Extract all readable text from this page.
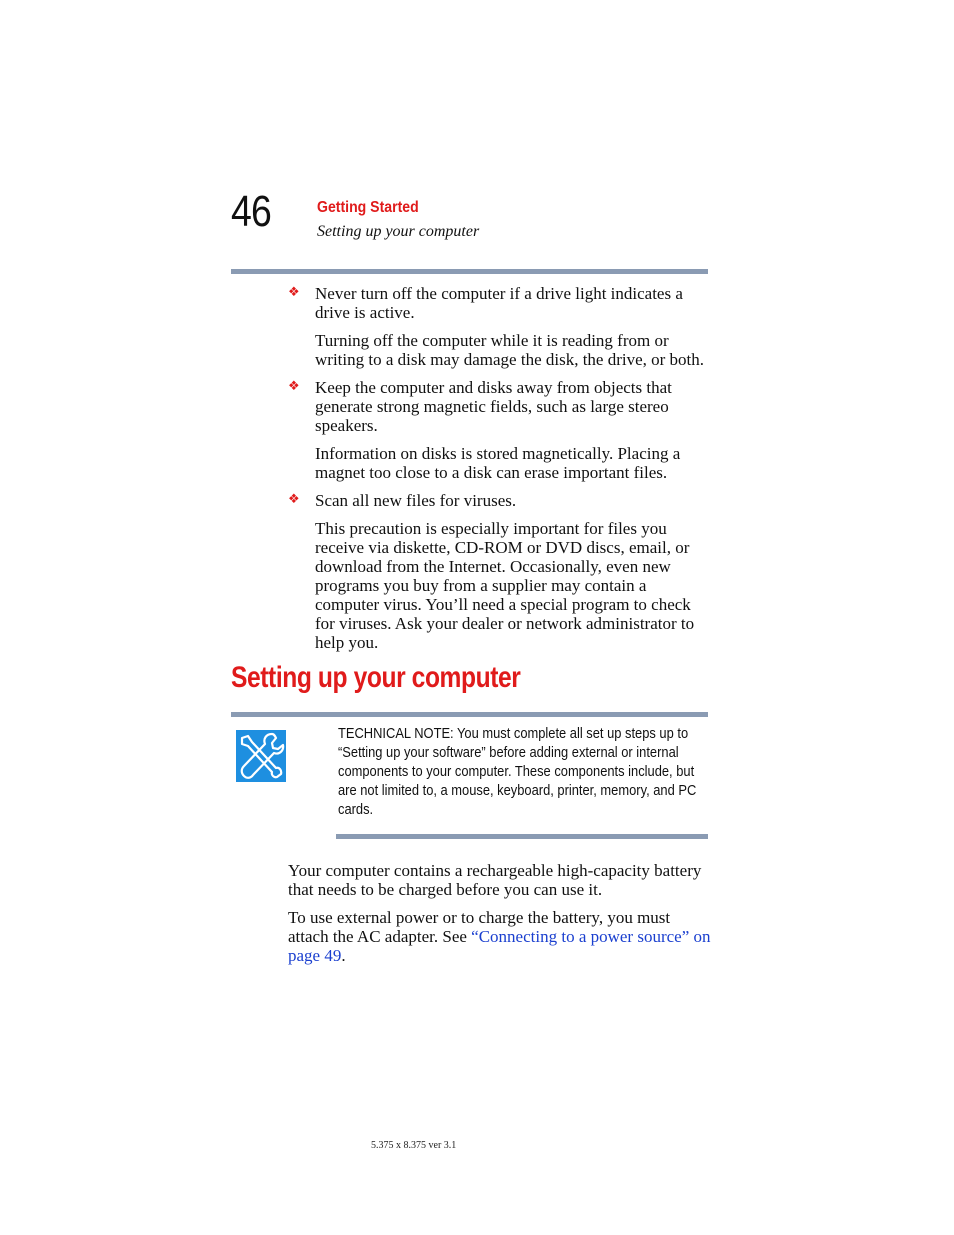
46	Getting Started
Setting up your computer
❖ Never turn off the computer if a drive light indicates a drive is active.
Turning off the computer while it is reading from or writing to a disk may damage the disk, the drive, or both.
❖ Keep the computer and disks away from objects that generate strong magnetic fields, such as large stereo speakers.
Information on disks is stored magnetically. Placing a magnet too close to a disk can erase important files.
❖ Scan all new files for viruses.
This precaution is especially important for files you receive via diskette, CD-ROM or DVD discs, email, or download from the Internet. Occasionally, even new programs you buy from a supplier may contain a computer virus. You’ll need a special program to check for viruses. Ask your dealer or network administrator to help you.
Setting up your computer
TECHNICAL NOTE: You must complete all set up steps up to “Setting up your software” before adding external or internal components to your computer. These components include, but are not limited to, a mouse, keyboard, printer, memory, and PC cards.
Your computer contains a rechargeable high-capacity battery that needs to be charged before you can use it.
To use external power or to charge the battery, you must attach the AC adapter. See “Connecting to a power source” on page 49.
5.375 x 8.375 ver 3.1
